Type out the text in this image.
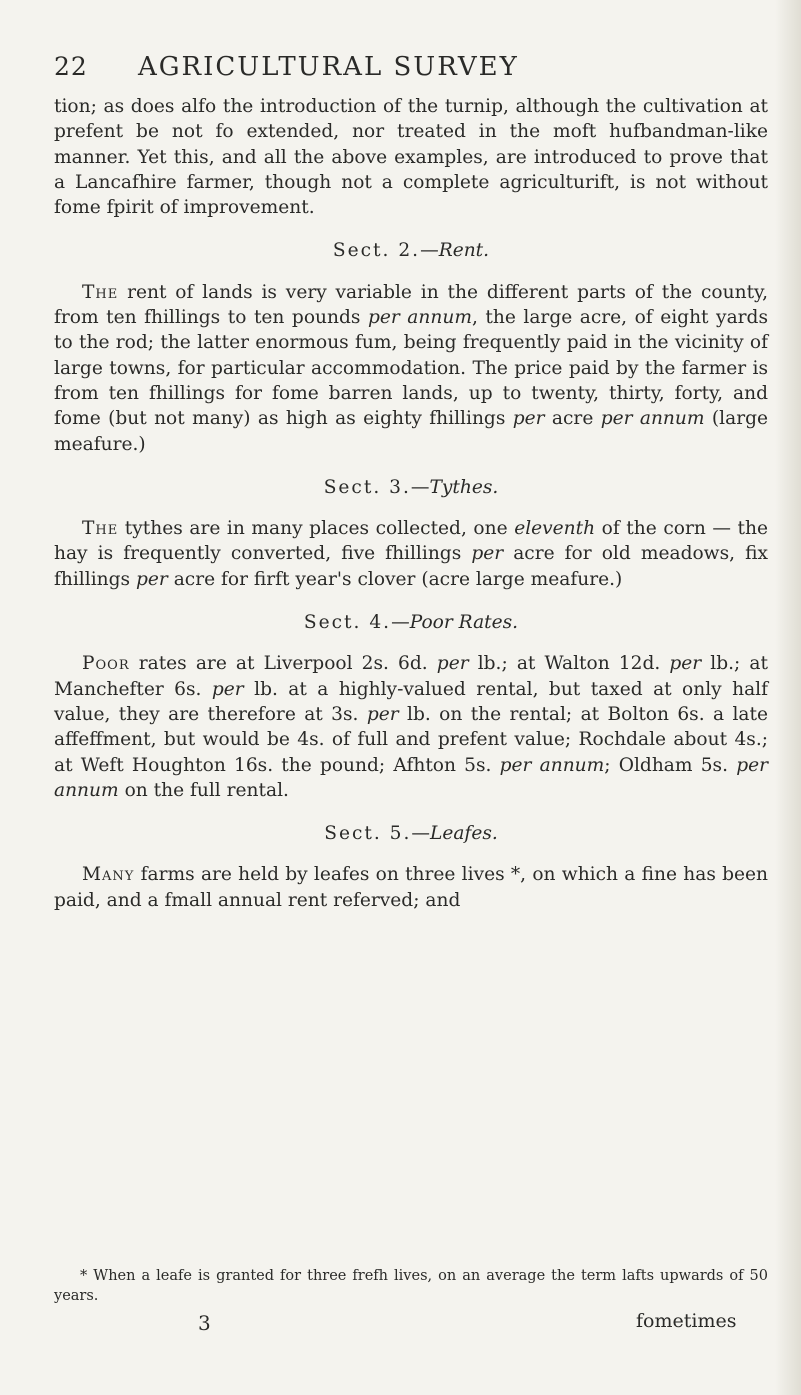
22 AGRICULTURAL SURVEY

tion; as does alfo the introduction of the turnip, although the cultivation at prefent be not fo extended, nor treated in the moft hufbandman-like manner. Yet this, and all the above examples, are introduced to prove that a Lancafhire farmer, though not a complete agriculturift, is not without fome fpirit of improvement.

Sect. 2.—Rent.

The rent of lands is very variable in the different parts of the county, from ten fhillings to ten pounds per annum, the large acre, of eight yards to the rod; the latter enormous fum, being frequently paid in the vicinity of large towns, for particular accommodation. The price paid by the farmer is from ten fhillings for fome barren lands, up to twenty, thirty, forty, and fome (but not many) as high as eighty fhillings per acre per annum (large meafure.)

Sect. 3.—Tythes.

The tythes are in many places collected, one eleventh of the corn — the hay is frequently converted, five fhillings per acre for old meadows, fix fhillings per acre for firft year's clover (acre large meafure.)

Sect. 4.—Poor Rates.

Poor rates are at Liverpool 2s. 6d. per lb.; at Walton 12d. per lb.; at Manchefter 6s. per lb. at a highly-valued rental, but taxed at only half value, they are therefore at 3s. per lb. on the rental; at Bolton 6s. a late affeffment, but would be 4s. of full and prefent value; Rochdale about 4s.; at Weft Houghton 16s. the pound; Afhton 5s. per annum; Oldham 5s. per annum on the full rental.

Sect. 5.—Leafes.

Many farms are held by leafes on three lives *, on which a fine has been paid, and a fmall annual rent referved; and

* When a leafe is granted for three frefh lives, on an average the term lafts upwards of 50 years.

3	fometimes
